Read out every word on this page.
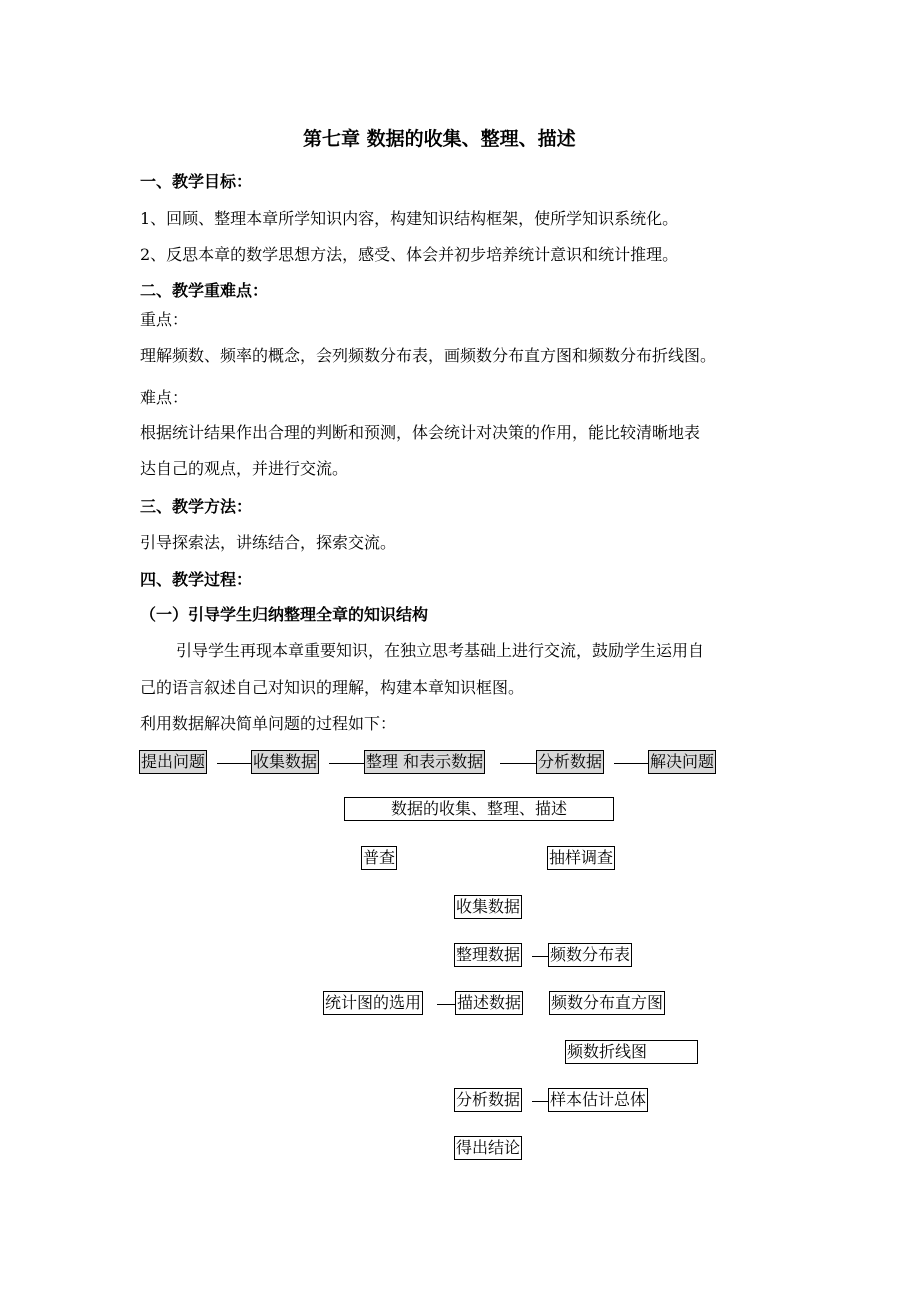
第七章 数据的收集、整理、描述
一、教学目标：
1、回顾、整理本章所学知识内容，构建知识结构框架，使所学知识系统化。
2、反思本章的数学思想方法，感受、体会并初步培养统计意识和统计推理。
二、教学重难点：
重点：
理解频数、频率的概念，会列频数分布表，画频数分布直方图和频数分布折线图。
难点：
根据统计结果作出合理的判断和预测，体会统计对决策的作用，能比较清晰地表
达自己的观点，并进行交流。
三、教学方法：
引导探索法，讲练结合，探索交流。
四、教学过程：
（一）引导学生归纳整理全章的知识结构
引导学生再现本章重要知识，在独立思考基础上进行交流，鼓励学生运用自
己的语言叙述自己对知识的理解，构建本章知识框图。
利用数据解决简单问题的过程如下：
提出问题	收集数据	整理 和表示数据	分析数据	解决问题
数据的收集、整理、描述
普查	抽样调查
收集数据
整理数据 频数分布表
统计图的选用 描述数据 频数分布直方图
频数折线图
分析数据 样本估计总体
得出结论
